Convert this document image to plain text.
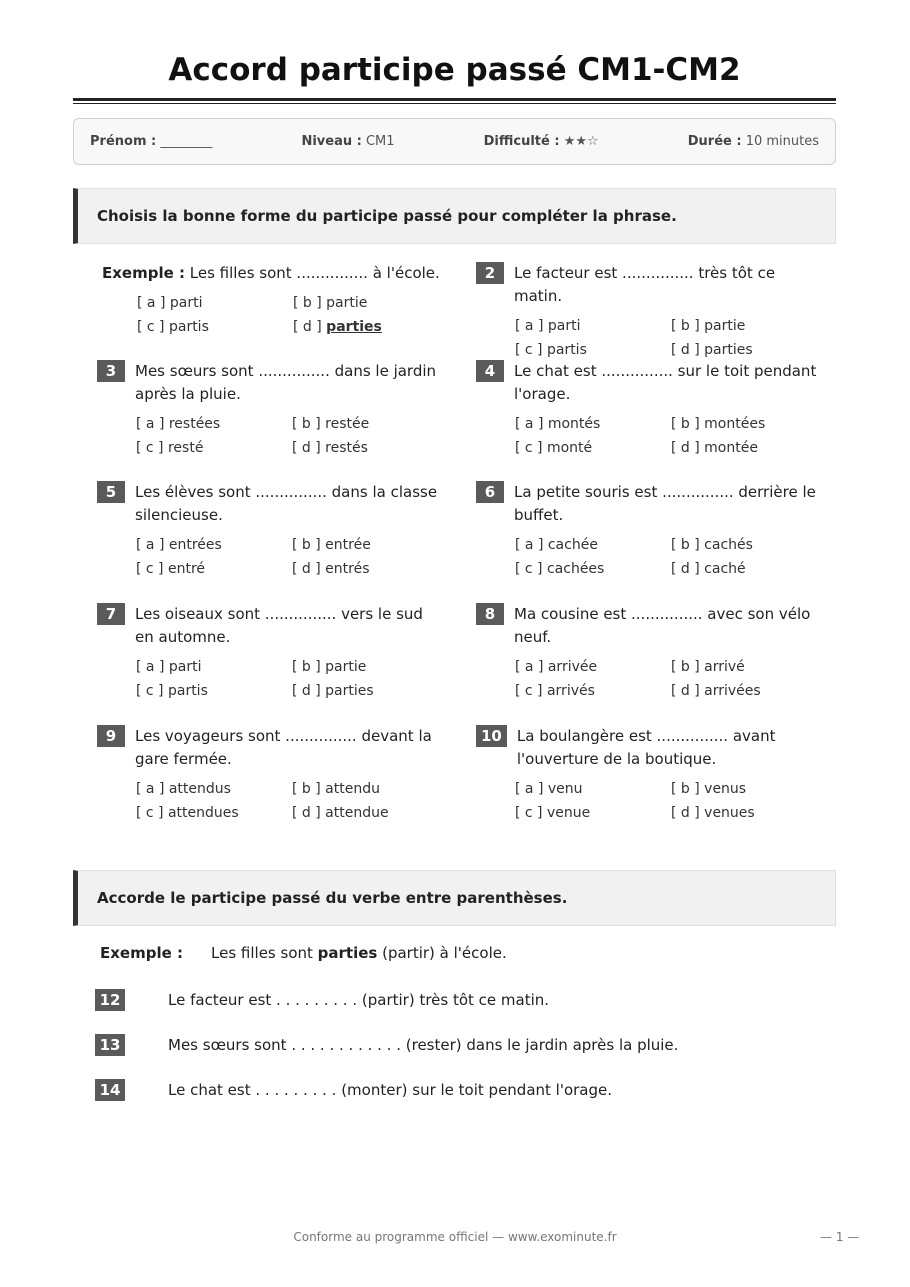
Accord participe passé CM1-CM2
Prénom : ________	Niveau : CM1	Difficulté : ★★☆	Durée : 10 minutes
Choisis la bonne forme du participe passé pour compléter la phrase.
Exemple : Les filles sont ............... à l'école.
[ a ] parti	[ b ] partie
[ c ] partis	[ d ] parties
2	Le facteur est ............... très tôt ce matin.
[ a ] parti	[ b ] partie
[ c ] partis	[ d ] parties
3	Mes sœurs sont ............... dans le jardin après la pluie.
[ a ] restées	[ b ] restée
[ c ] resté	[ d ] restés
4	Le chat est ............... sur le toit pendant l'orage.
[ a ] montés	[ b ] montées
[ c ] monté	[ d ] montée
5	Les élèves sont ............... dans la classe silencieuse.
[ a ] entrées	[ b ] entrée
[ c ] entré	[ d ] entrés
6	La petite souris est ............... derrière le buffet.
[ a ] cachée	[ b ] cachés
[ c ] cachées	[ d ] caché
7	Les oiseaux sont ............... vers le sud en automne.
[ a ] parti	[ b ] partie
[ c ] partis	[ d ] parties
8	Ma cousine est ............... avec son vélo neuf.
[ a ] arrivée	[ b ] arrivé
[ c ] arrivés	[ d ] arrivées
9	Les voyageurs sont ............... devant la gare fermée.
[ a ] attendus	[ b ] attendu
[ c ] attendues	[ d ] attendue
10	La boulangère est ............... avant l'ouverture de la boutique.
[ a ] venu	[ b ] venus
[ c ] venue	[ d ] venues
Accorde le participe passé du verbe entre parenthèses.
Exemple : Les filles sont parties (partir) à l'école.
12	Le facteur est . . . . . . . . . (partir) très tôt ce matin.
13	Mes sœurs sont . . . . . . . . . . . . (rester) dans le jardin après la pluie.
14	Le chat est . . . . . . . . . (monter) sur le toit pendant l'orage.
Conforme au programme officiel — www.exominute.fr	— 1 —
